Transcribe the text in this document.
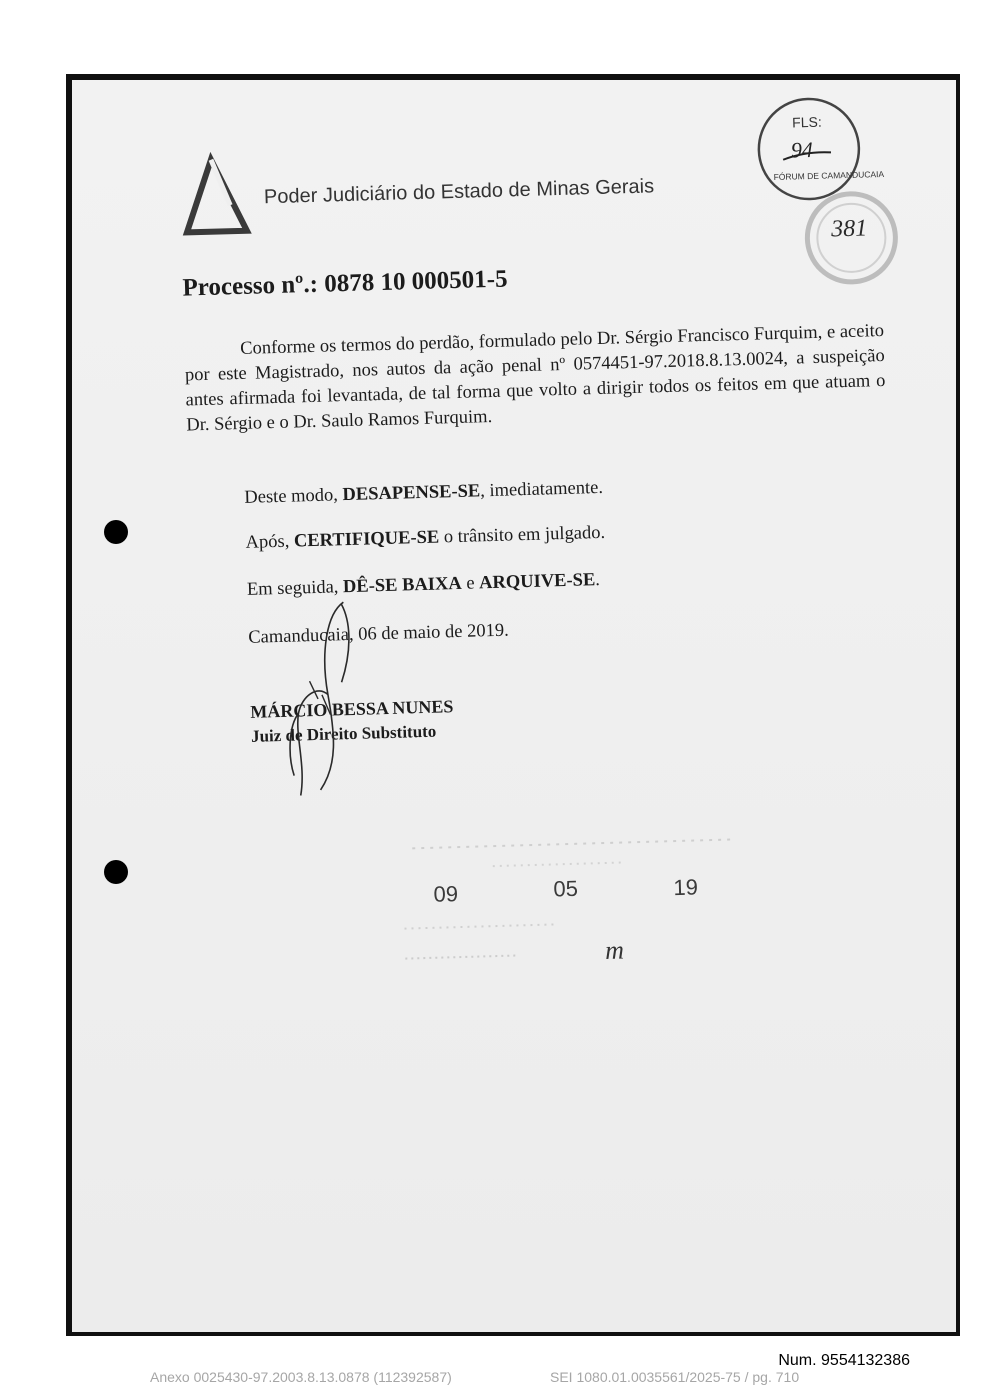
Poder Judiciário do Estado de Minas Gerais
FLS:
94
FÓRUM DE CAMANDUCAIA
381
Processo nº.: 0878 10 000501-5
Conforme os termos do perdão, formulado pelo Dr. Sérgio Francisco Furquim, e aceito por este Magistrado, nos autos da ação penal nº 0574451-97.2018.8.13.0024, a suspeição antes afirmada foi levantada, de tal forma que volto a dirigir todos os feitos em que atuam o Dr. Sérgio e o Dr. Saulo Ramos Furquim.
Deste modo, DESAPENSE-SE, imediatamente.
Após, CERTIFIQUE-SE o trânsito em julgado.
Em seguida, DÊ-SE BAIXA e ARQUIVE-SE.
Camanducaia, 06 de maio de 2019.
MÁRCIO BESSA NUNES
Juiz de Direito Substituto
09	05	19
m
Num. 9554132386
Anexo 0025430-97.2003.8.13.0878 (112392587)	SEI 1080.01.0035561/2025-75 / pg. 710
